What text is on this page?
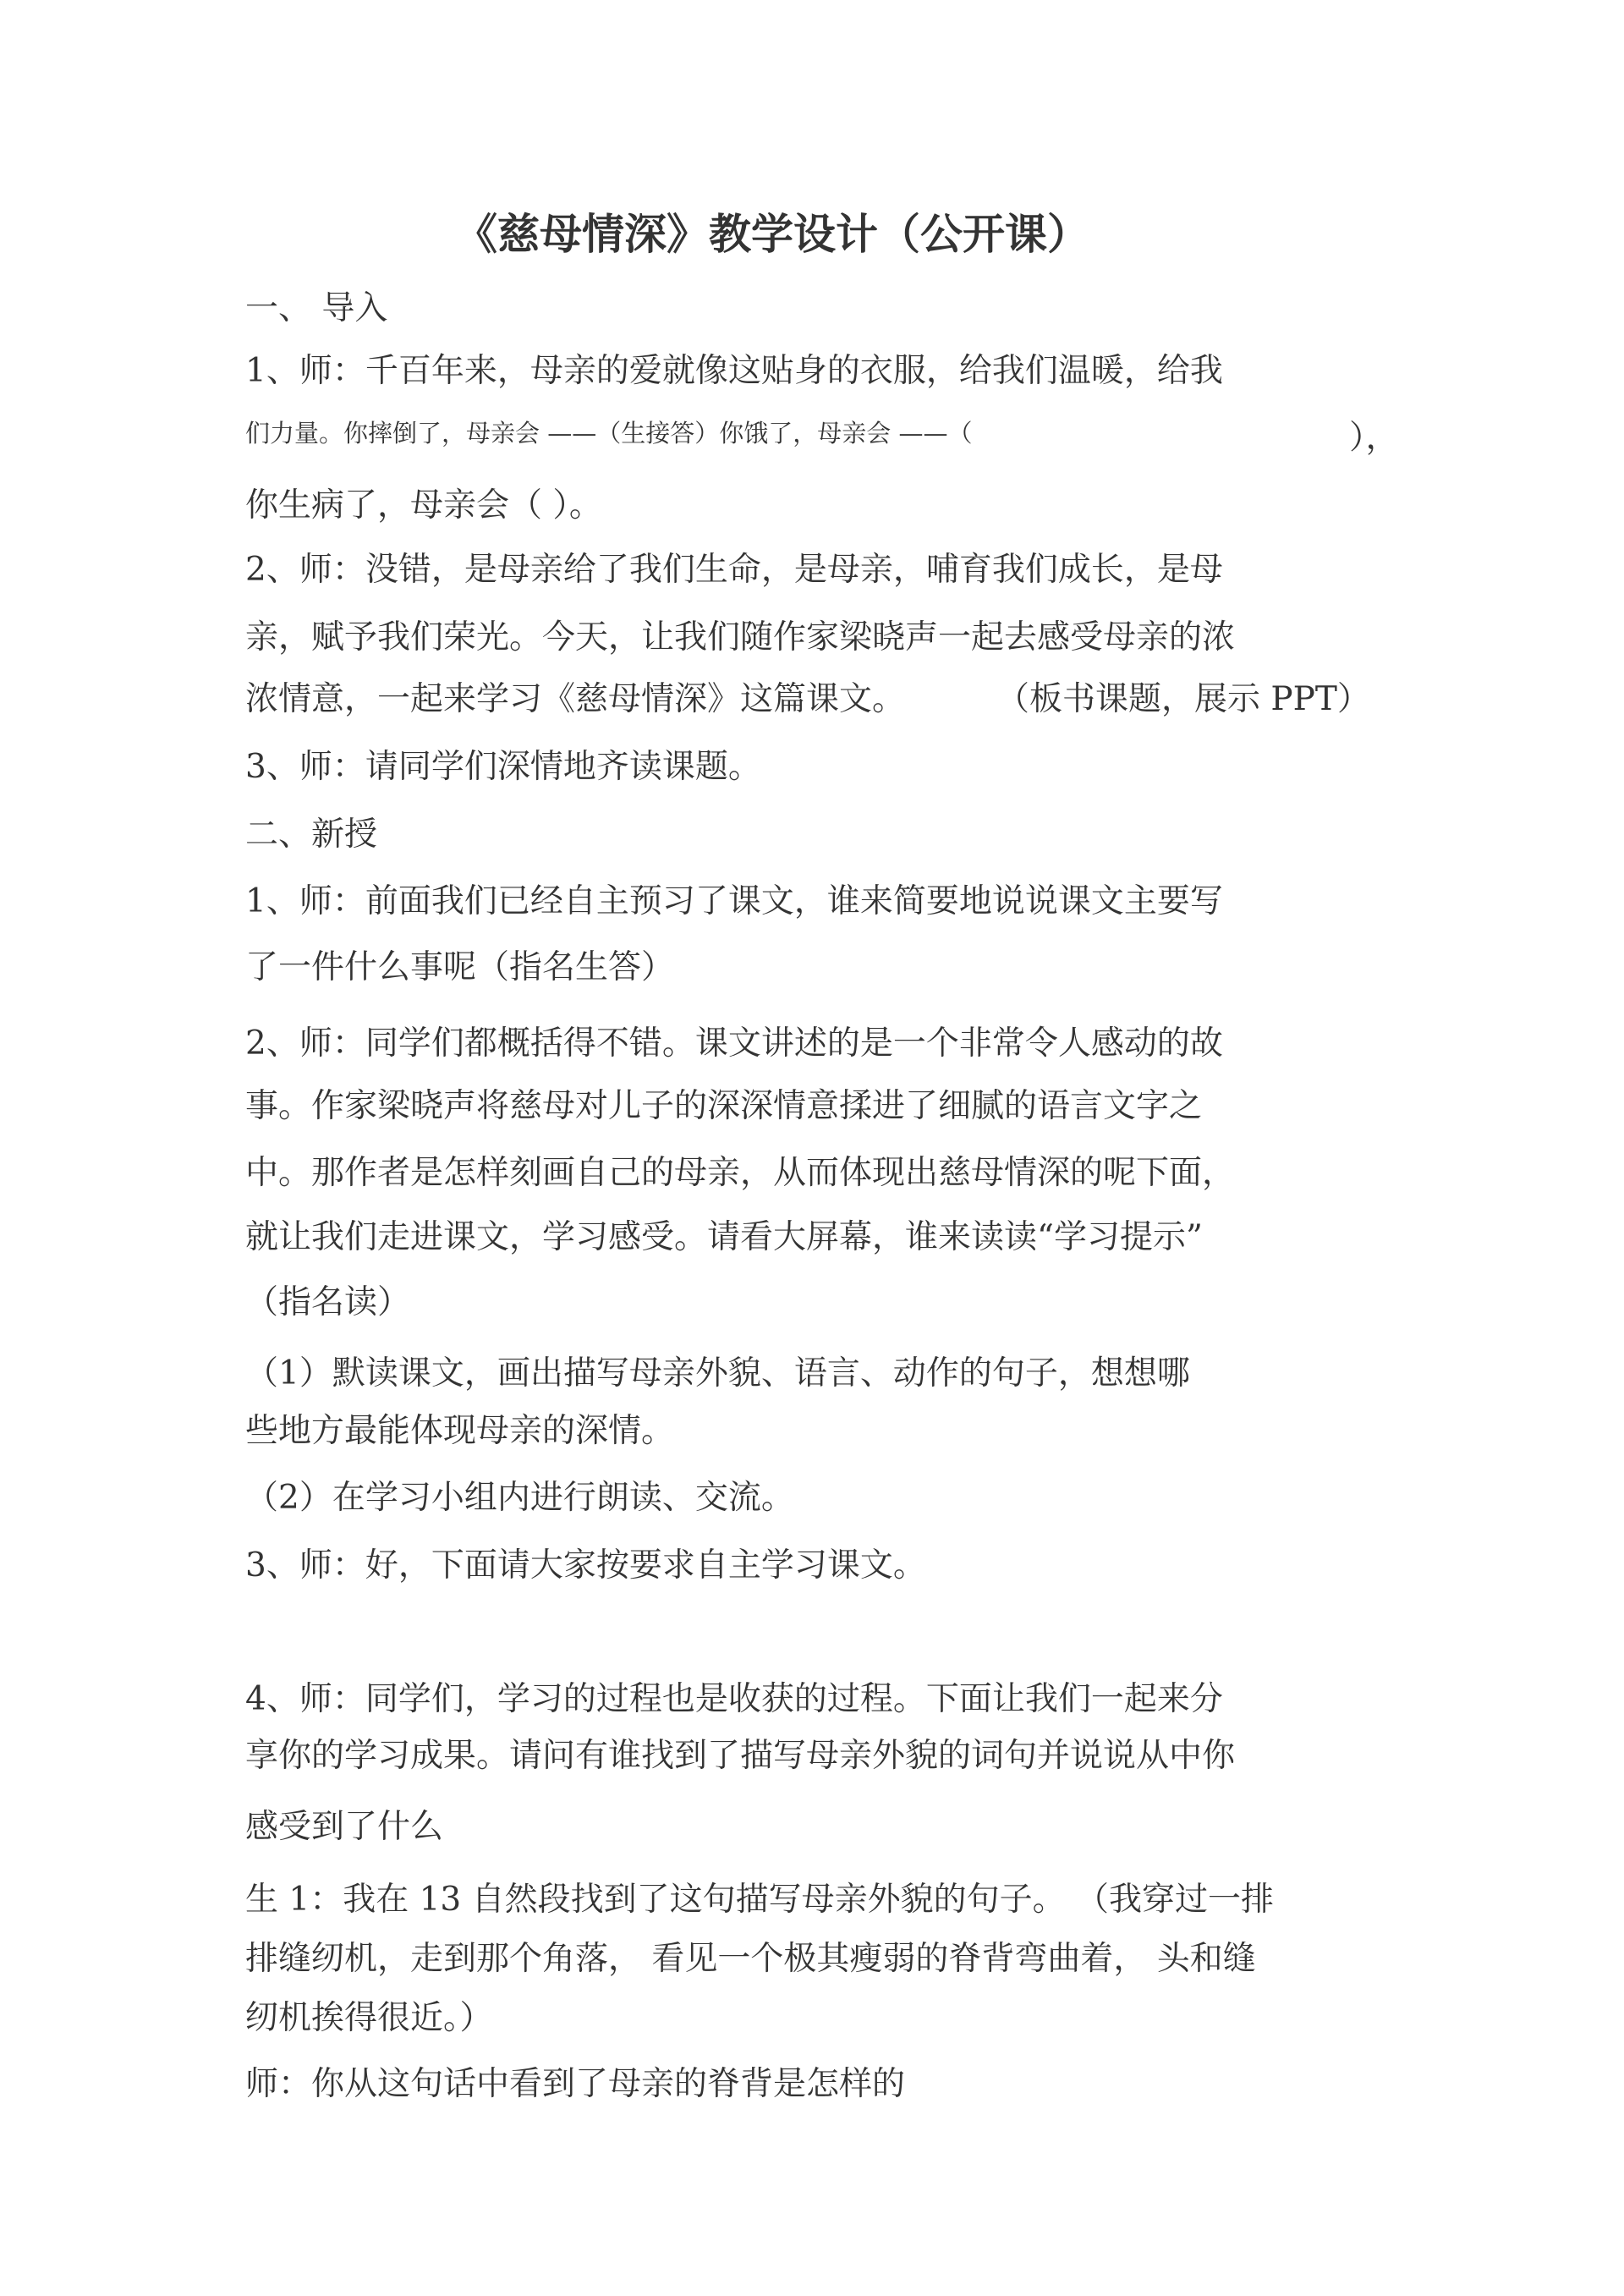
《慈母情深》教学设计（公开课）

一、 导入

1、师：千百年来，母亲的爱就像这贴身的衣服，给我们温暖，给我

们力量。你摔倒了，母亲会 ——（生接答）你饿了，母亲会 ——（	），

你生病了，母亲会（ ）。

2、师：没错，是母亲给了我们生命，是母亲，哺育我们成长，是母

亲，赋予我们荣光。今天，让我们随作家梁晓声一起去感受母亲的浓

浓情意，一起来学习《慈母情深》这篇课文。	（板书课题，展示 PPT）

3、师：请同学们深情地齐读课题。

二、新授

1、师：前面我们已经自主预习了课文，谁来简要地说说课文主要写

了一件什么事呢（指名生答）

2、师：同学们都概括得不错。课文讲述的是一个非常令人感动的故

事。作家梁晓声将慈母对儿子的深深情意揉进了细腻的语言文字之

中。那作者是怎样刻画自己的母亲，从而体现出慈母情深的呢下面，

就让我们走进课文，学习感受。请看大屏幕，谁来读读“学习提示”

（指名读）

（1）默读课文，画出描写母亲外貌、语言、动作的句子，想想哪

些地方最能体现母亲的深情。

（2）在学习小组内进行朗读、交流。

3、师：好，下面请大家按要求自主学习课文。

4、师：同学们，学习的过程也是收获的过程。下面让我们一起来分

享你的学习成果。请问有谁找到了描写母亲外貌的词句并说说从中你

感受到了什么

生 1：我在 13 自然段找到了这句描写母亲外貌的句子。 （我穿过一排

排缝纫机，走到那个角落， 看见一个极其瘦弱的脊背弯曲着， 头和缝

纫机挨得很近。）

师：你从这句话中看到了母亲的脊背是怎样的
